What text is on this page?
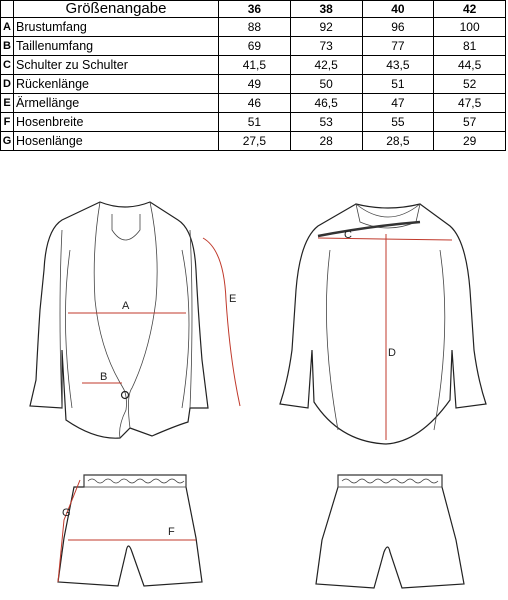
	Größenangabe	36	38	40	42
A	Brustumfang	88	92	96	100
B	Taillenumfang	69	73	77	81
C	Schulter zu Schulter	41,5	42,5	43,5	44,5
D	Rückenlänge	49	50	51	52
E	Ärmellänge	46	46,5	47	47,5
F	Hosenbreite	51	53	55	57
G	Hosenlänge	27,5	28	28,5	29
A
B
E
C
D
F
G
